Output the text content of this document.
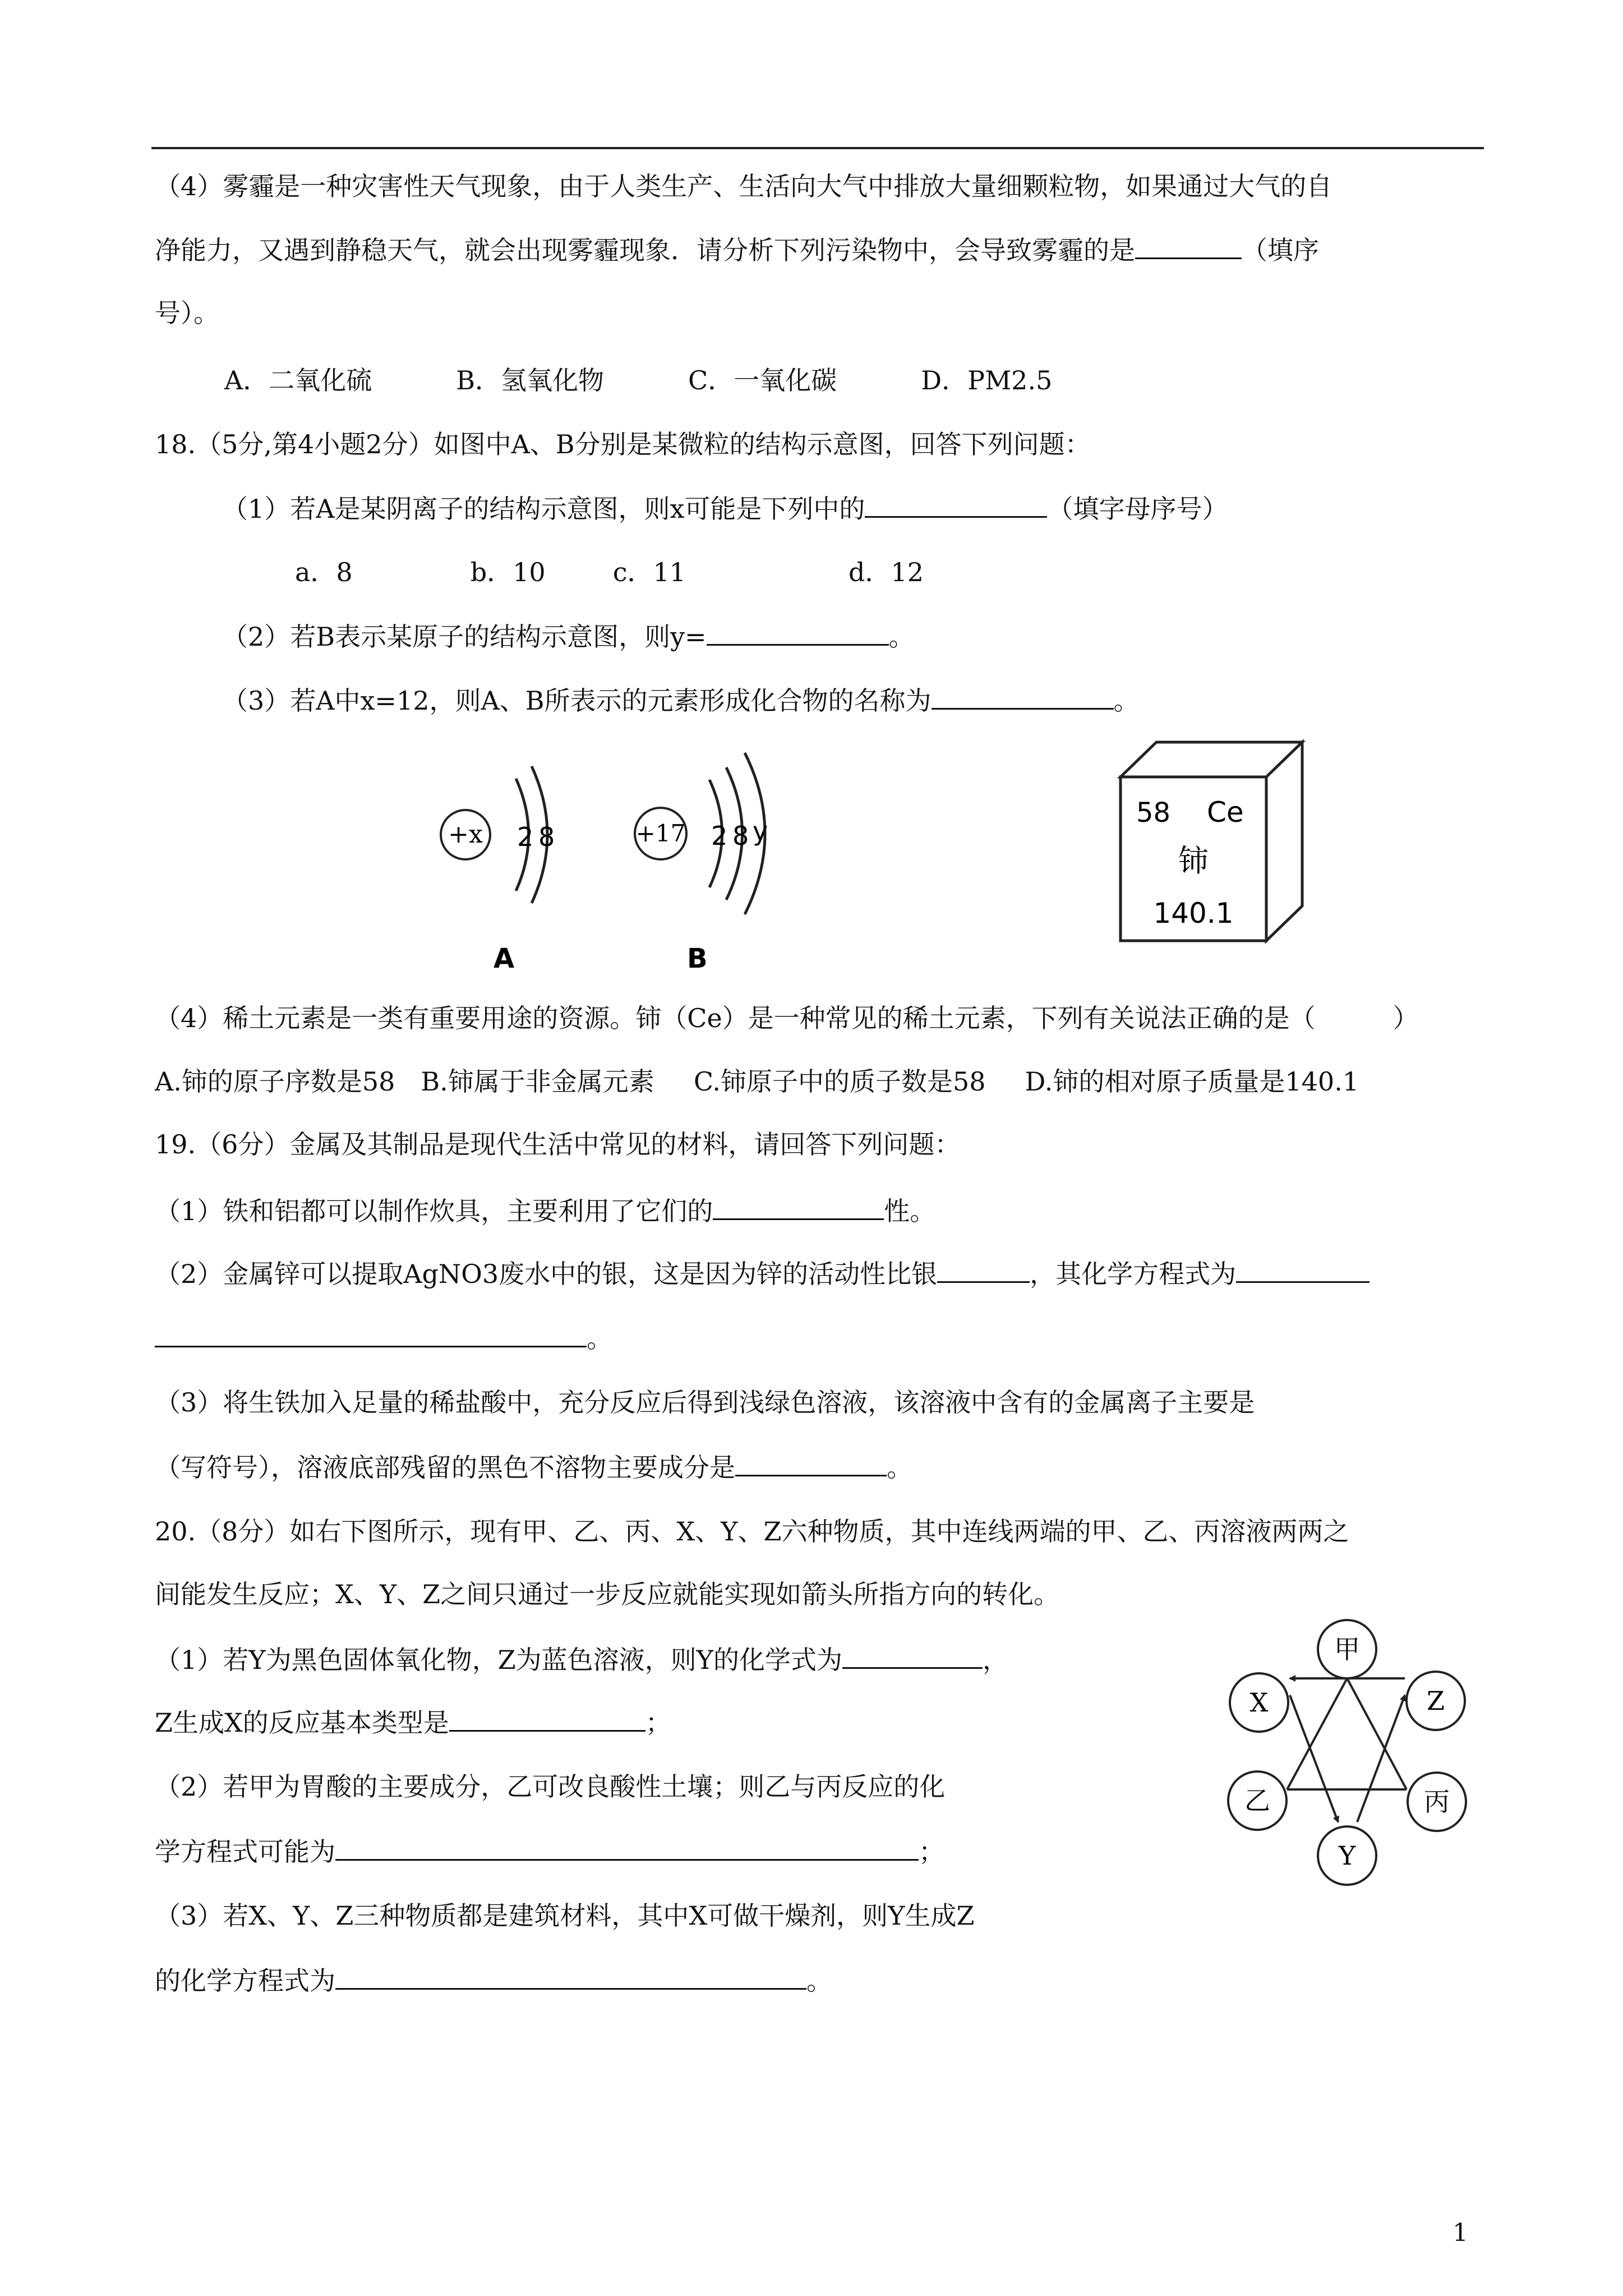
（4）雾霾是一种灾害性天气现象，由于人类生产、生活向大气中排放大量细颗粒物，如果通过大气的自
净能力，又遇到静稳天气，就会出现雾霾现象．请分析下列污染物中，会导致雾霾的是	（填序
号）。
A．二氧化硫	B．氢氧化物	C．一氧化碳	D．PM2.5
18.（5分,第4小题2分）如图中A、B分别是某微粒的结构示意图，回答下列问题：
（1）若A是某阴离子的结构示意图，则x可能是下列中的	（填字母序号）
a．8	b．10	c．11	d．12
（2）若B表示某原子的结构示意图，则y=	。
（3）若A中x=12，则A、B所表示的元素形成化合物的名称为	。
+x 2 8
A
+17 2 8 y
B
58 Ce
铈
140.1
（4）稀土元素是一类有重要用途的资源。铈（Ce）是一种常见的稀土元素，下列有关说法正确的是（　　　）
A.铈的原子序数是58 B.铈属于非金属元素 C.铈原子中的质子数是58 D.铈的相对原子质量是140.1
19.（6分）金属及其制品是现代生活中常见的材料，请回答下列问题：
（1）铁和铝都可以制作炊具，主要利用了它们的	性。
（2）金属锌可以提取AgNO3废水中的银，这是因为锌的活动性比银	，其化学方程式为
。
（3）将生铁加入足量的稀盐酸中，充分反应后得到浅绿色溶液，该溶液中含有的金属离子主要是
（写符号），溶液底部残留的黑色不溶物主要成分是	。
20.（8分）如右下图所示，现有甲、乙、丙、X、Y、Z六种物质，其中连线两端的甲、乙、丙溶液两两之
间能发生反应；X、Y、Z之间只通过一步反应就能实现如箭头所指方向的转化。
（1）若Y为黑色固体氧化物，Z为蓝色溶液，则Y的化学式为	，
Z生成X的反应基本类型是	；
（2）若甲为胃酸的主要成分，乙可改良酸性土壤；则乙与丙反应的化
学方程式可能为	；
（3）若X、Y、Z三种物质都是建筑材料，其中X可做干燥剂，则Y生成Z
的化学方程式为	。
甲
X	Z
乙	丙
Y
1
